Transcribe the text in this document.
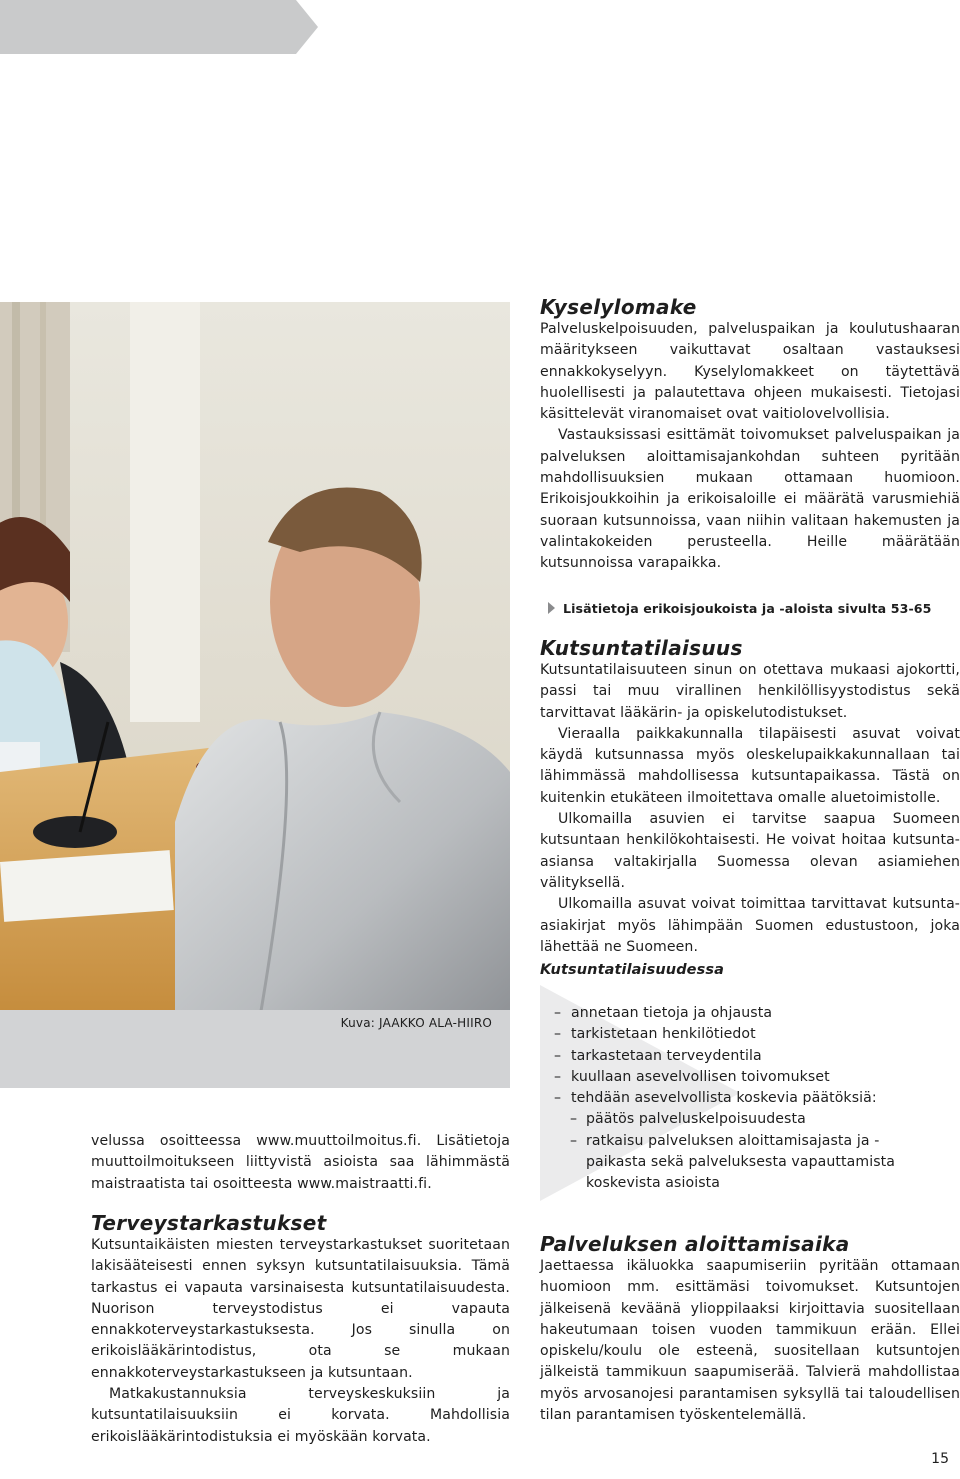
Kuva: JAAKKO ALA-HIIRO
Kyselylomake

Palveluskelpoisuuden, palveluspaikan ja koulutushaaran määritykseen vaikuttavat osaltaan vastauksesi ennakkokyselyyn. Kyselylomakkeet on täytettävä huolellisesti ja palautettava ohjeen mukaisesti. Tietojasi käsittelevät viranomaiset ovat vaitiolovelvollisia.

Vastauksissasi esittämät toivomukset palveluspaikan ja palveluksen aloittamisajankohdan suhteen pyritään mahdollisuuksien mukaan ottamaan huomioon. Erikoisjoukkoihin ja erikoisaloille ei määrätä varusmiehiä suoraan kutsunnoissa, vaan niihin valitaan hakemusten ja valintakokeiden perusteella. Heille määrätään kutsunnoissa varapaikka.

Lisätietoja erikoisjoukoista ja -aloista sivulta 53-65
Kutsuntatilaisuus

Kutsuntatilaisuuteen sinun on otettava mukaasi ajokortti, passi tai muu virallinen henkilöllisyystodistus sekä tarvittavat lääkärin- ja opiskelutodistukset.

Vieraalla paikkakunnalla tilapäisesti asuvat voivat käydä kutsunnassa myös oleskelupaikkakunnallaan tai lähimmässä mahdollisessa kutsuntapaikassa. Tästä on kuitenkin etukäteen ilmoitettava omalle aluetoimistolle.

Ulkomailla asuvien ei tarvitse saapua Suomeen kutsuntaan henkilökohtaisesti. He voivat hoitaa kutsunta-asiansa valtakirjalla Suomessa olevan asiamiehen välityksellä.

Ulkomailla asuvat voivat toimittaa tarvittavat kutsunta-asiakirjat myös lähimpään Suomen edustustoon, joka lähettää ne Suomeen.

Kutsuntatilaisuudessa
– annetaan tietoja ja ohjausta
– tarkistetaan henkilötiedot
– tarkastetaan terveydentila
– kuullaan asevelvollisen toivomukset
– tehdään asevelvollista koskevia päätöksiä:
– päätös palveluskelpoisuudesta
– ratkaisu palveluksen aloittamisajasta ja -paikasta sekä palveluksesta vapauttamista koskevista asioista
Palveluksen aloittamisaika

Jaettaessa ikäluokka saapumiseriin pyritään ottamaan huomioon mm. esittämäsi toivomukset. Kutsuntojen jälkeisenä keväänä ylioppilaaksi kirjoittavia suositellaan hakeutumaan toisen vuoden tammikuun erään. Ellei opiskelu/koulu ole esteenä, suositellaan kutsuntojen jälkeistä tammikuun saapumiserää. Talvierä mahdollistaa myös arvosanojesi parantamisen syksyllä tai taloudellisen tilan parantamisen työskentelemällä.

velussa osoitteessa www.muuttoilmoitus.fi. Lisätietoja muuttoilmoitukseen liittyvistä asioista saa lähimmästä maistraatista tai osoitteesta www.maistraatti.fi.

Terveystarkastukset

Kutsuntaikäisten miesten terveystarkastukset suoritetaan lakisääteisesti ennen syksyn kutsuntatilaisuuksia. Tämä tarkastus ei vapauta varsinaisesta kutsuntatilaisuudesta. Nuorison terveystodistus ei vapauta ennakkoterveystarkastuksesta. Jos sinulla on erikoislääkärintodistus, ota se mukaan ennakkoterveystarkastukseen ja kutsuntaan.

Matkakustannuksia terveyskeskuksiin ja kutsuntatilaisuuksiin ei korvata. Mahdollisia erikoislääkärintodistuksia ei myöskään korvata.

15
